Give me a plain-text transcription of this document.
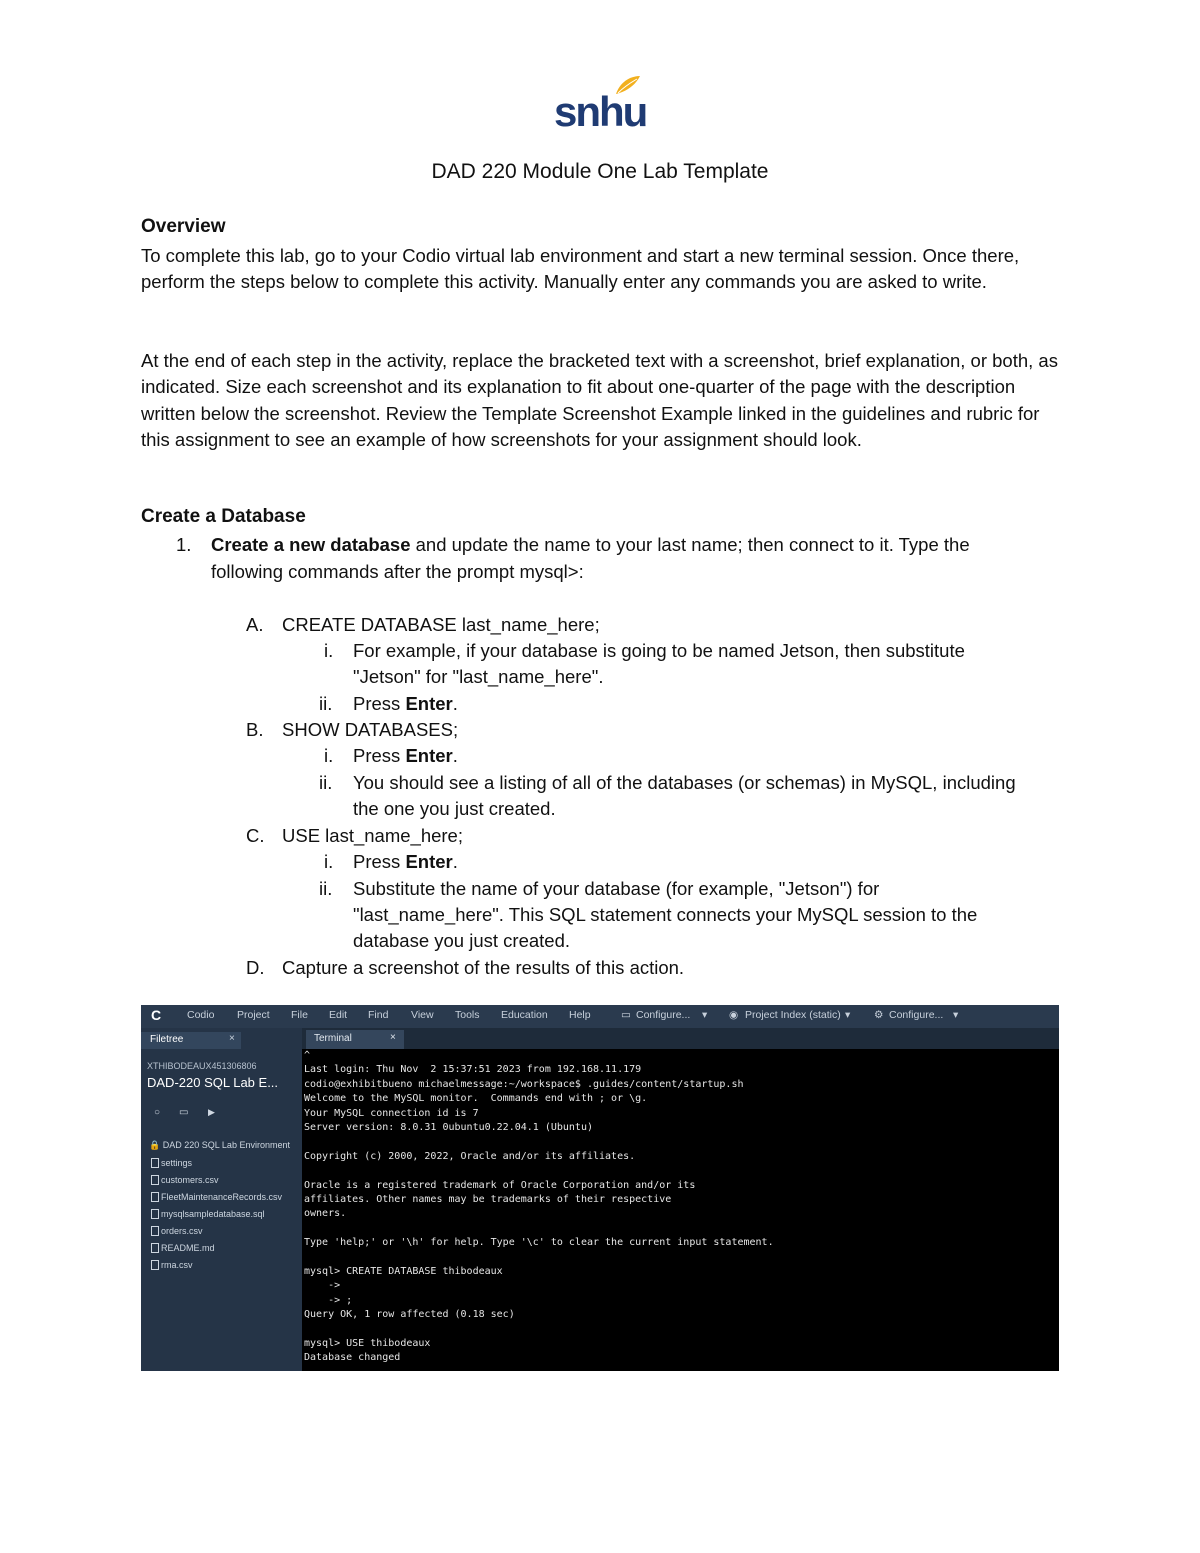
snhu
DAD 220 Module One Lab Template
Overview

To complete this lab, go to your Codio virtual lab environment and start a new terminal session. Once there, perform the steps below to complete this activity. Manually enter any commands you are asked to write.

At the end of each step in the activity, replace the bracketed text with a screenshot, brief explanation, or both, as indicated. Size each screenshot and its explanation to fit about one-quarter of the page with the description written below the screenshot. Review the Template Screenshot Example linked in the guidelines and rubric for this assignment to see an example of how screenshots for your assignment should look.

Create a Database
1. Create a new database and update the name to your last name; then connect to it. Type the
following commands after the prompt mysql>:
A. CREATE DATABASE last_name_here;
i. For example, if your database is going to be named Jetson, then substitute
"Jetson" for "last_name_here".
ii. Press Enter.
B. SHOW DATABASES;
i. Press Enter.
ii. You should see a listing of all of the databases (or schemas) in MySQL, including
the one you just created.
C. USE last_name_here;
i. Press Enter.
ii. Substitute the name of your database (for example, "Jetson") for
"last_name_here". This SQL statement connects your MySQL session to the
database you just created.
D. Capture a screenshot of the results of this action.
C Codio Project File Edit Find View Tools Education Help	▭ Configure... ▾ ◉ Project Index (static) ▾ ⚙ Configure... ▾
Filetree	×
XTHIBODEAUX451306806
DAD-220 SQL Lab E...
○ ▭ ▶
🔒 DAD 220 SQL Lab Environment
settings
customers.csv
FleetMaintenanceRecords.csv
mysqlsampledatabase.sql
orders.csv
README.md
rma.csv
Terminal	×
^
Last login: Thu Nov  2 15:37:51 2023 from 192.168.11.179
codio@exhibitbueno michaelmessage:~/workspace$ .guides/content/startup.sh
Welcome to the MySQL monitor.  Commands end with ; or \g.
Your MySQL connection id is 7
Server version: 8.0.31 0ubuntu0.22.04.1 (Ubuntu)
Copyright (c) 2000, 2022, Oracle and/or its affiliates.
Oracle is a registered trademark of Oracle Corporation and/or its
affiliates. Other names may be trademarks of their respective
owners.
Type 'help;' or '\h' for help. Type '\c' to clear the current input statement.
mysql> CREATE DATABASE thibodeaux
->
-> ;
Query OK, 1 row affected (0.18 sec)
mysql> USE thibodeaux
Database changed
